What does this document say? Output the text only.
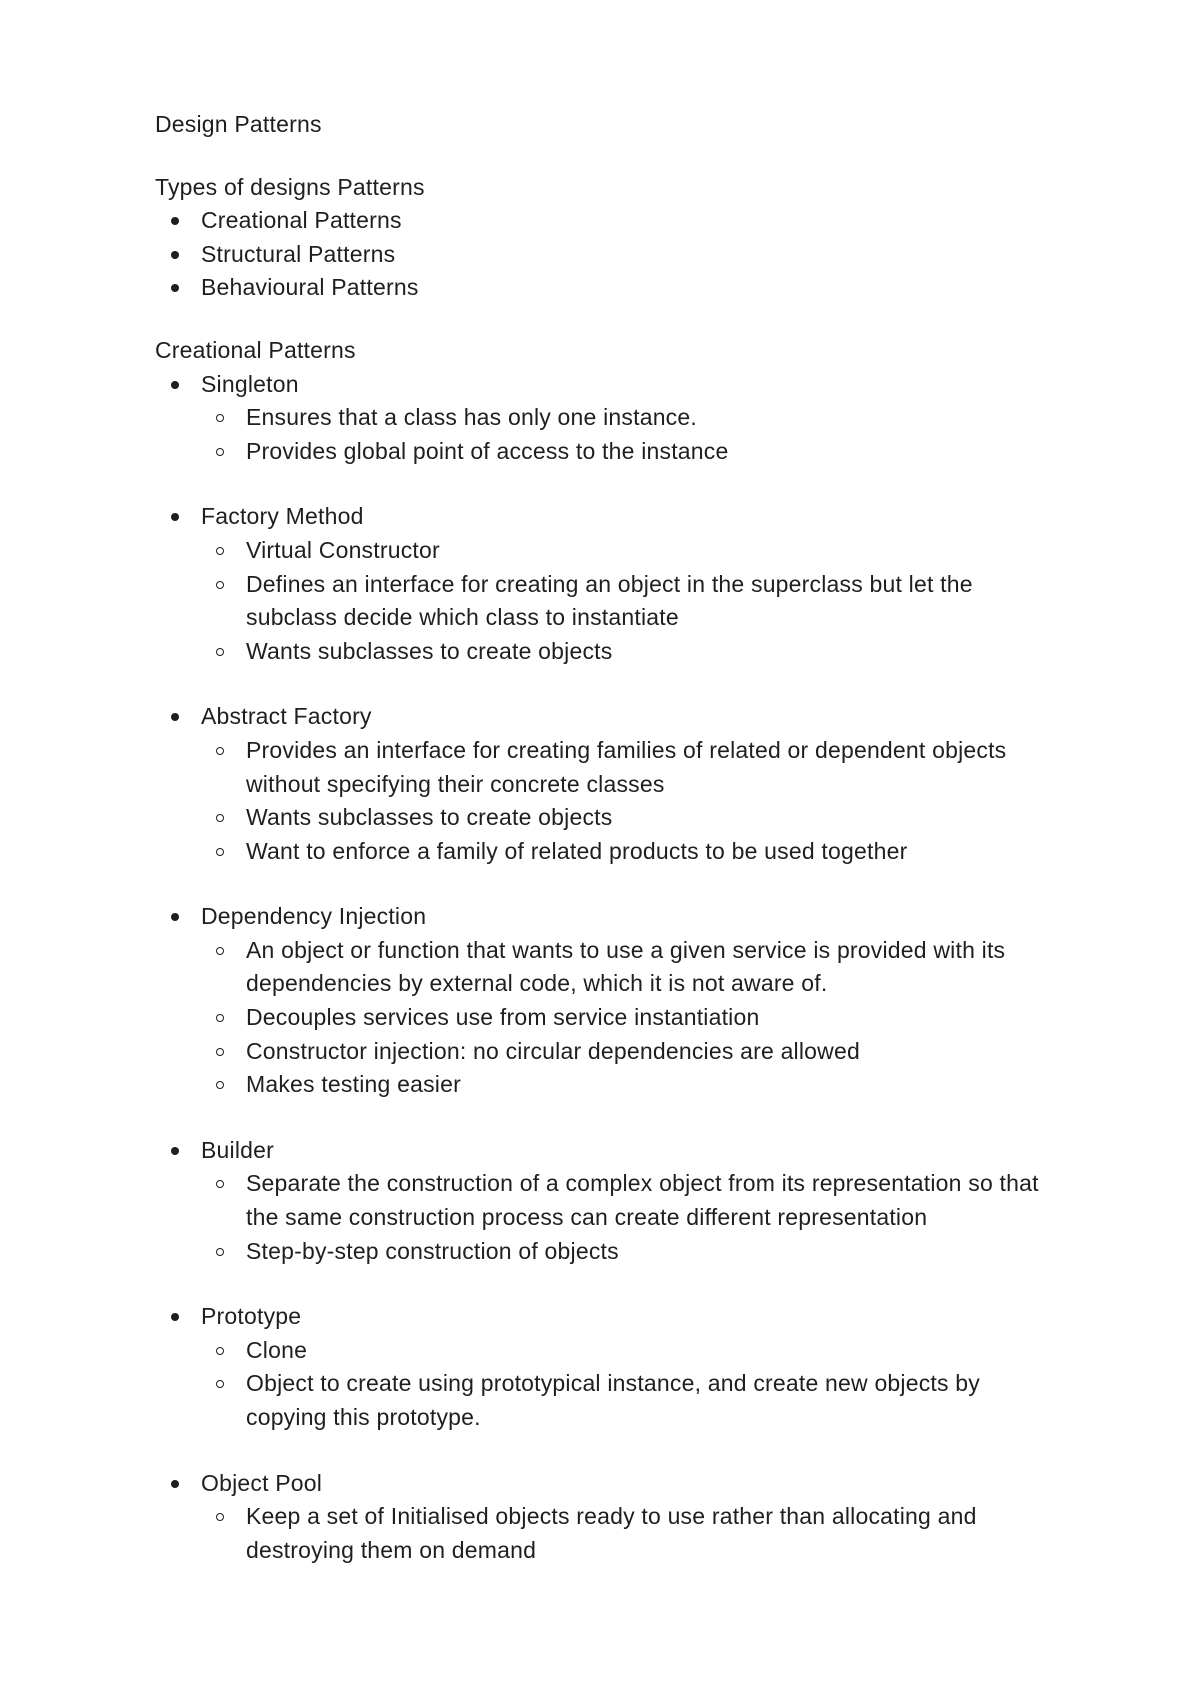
Design Patterns
Types of designs Patterns
Creational Patterns
Structural Patterns
Behavioural Patterns
Creational Patterns
Singleton
Ensures that a class has only one instance.
Provides global point of access to the instance
Factory Method
Virtual Constructor
Defines an interface for creating an object in the superclass but let the subclass decide which class to instantiate
Wants subclasses to create objects
Abstract Factory
Provides an interface for creating families of related or dependent objects without specifying their concrete classes
Wants subclasses to create objects
Want to enforce a family of related products to be used together
Dependency Injection
An object or function that wants to use a given service is provided with its dependencies by external code, which it is not aware of.
Decouples services use from service instantiation
Constructor injection: no circular dependencies are allowed
Makes testing easier
Builder
Separate the construction of a complex object from its representation so that the same construction process can create different representation
Step-by-step construction of objects
Prototype
Clone
Object to create using prototypical instance, and create new objects by copying this prototype.
Object Pool
Keep a set of Initialised objects ready to use rather than allocating and destroying them on demand
